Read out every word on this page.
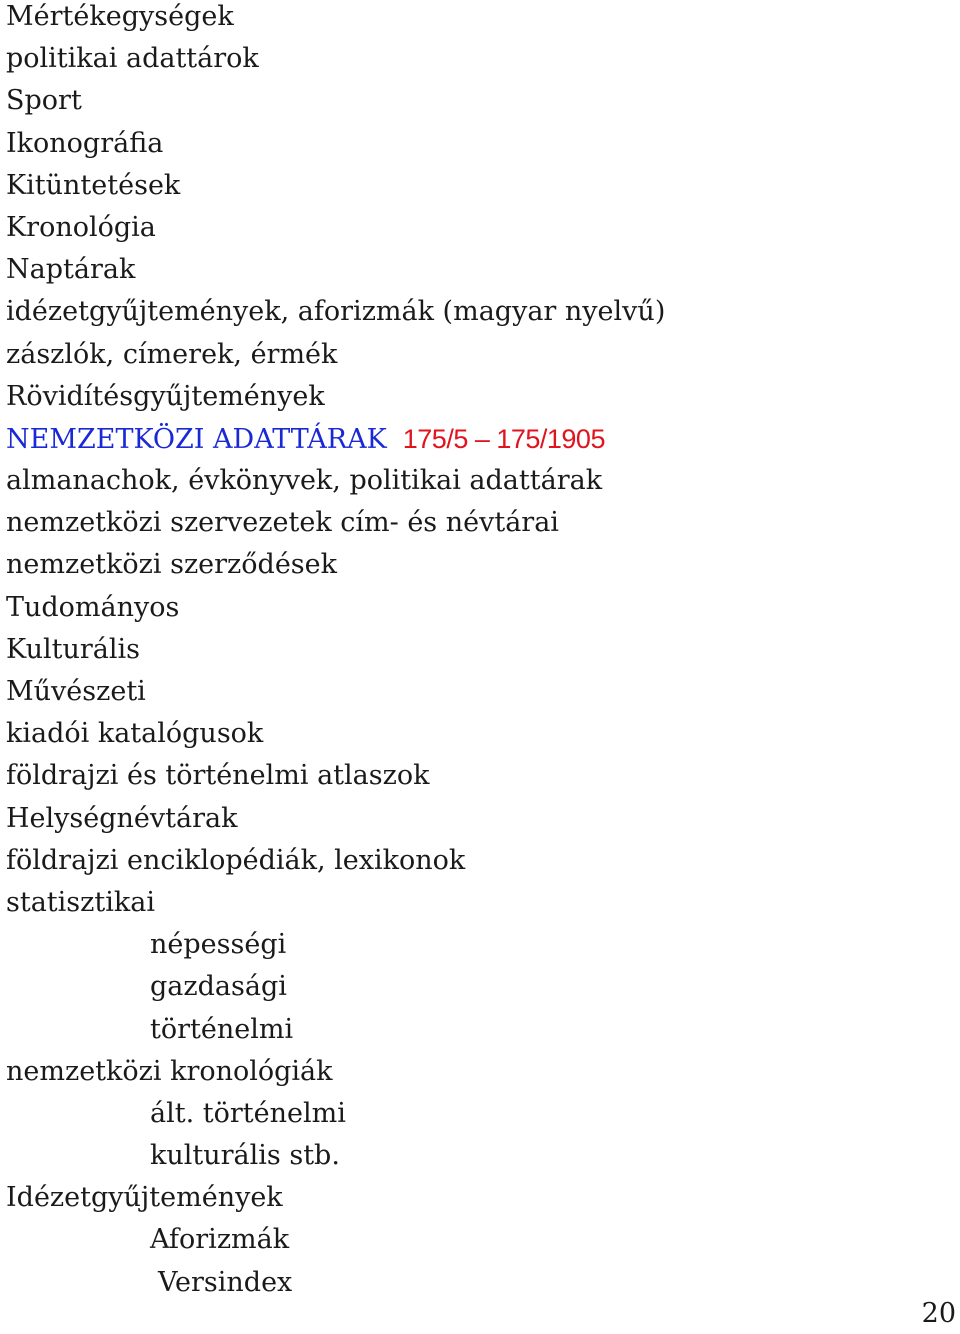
Mértékegységek
politikai adattárok
Sport
Ikonográfia
Kitüntetések
Kronológia
Naptárak
idézetgyűjtemények, aforizmák (magyar nyelvű)
zászlók, címerek, érmék
Rövidítésgyűjtemények
NEMZETKÖZI ADATTÁRAK 175/5 – 175/1905
almanachok, évkönyvek, politikai adattárak
nemzetközi szervezetek cím- és névtárai
nemzetközi szerződések
Tudományos
Kulturális
Művészeti
kiadói katalógusok
földrajzi és történelmi atlaszok
Helységnévtárak
földrajzi enciklopédiák, lexikonok
statisztikai
népességi
gazdasági
történelmi
nemzetközi kronológiák
ált. történelmi
kulturális stb.
Idézetgyűjtemények
Aforizmák
Versindex
20
